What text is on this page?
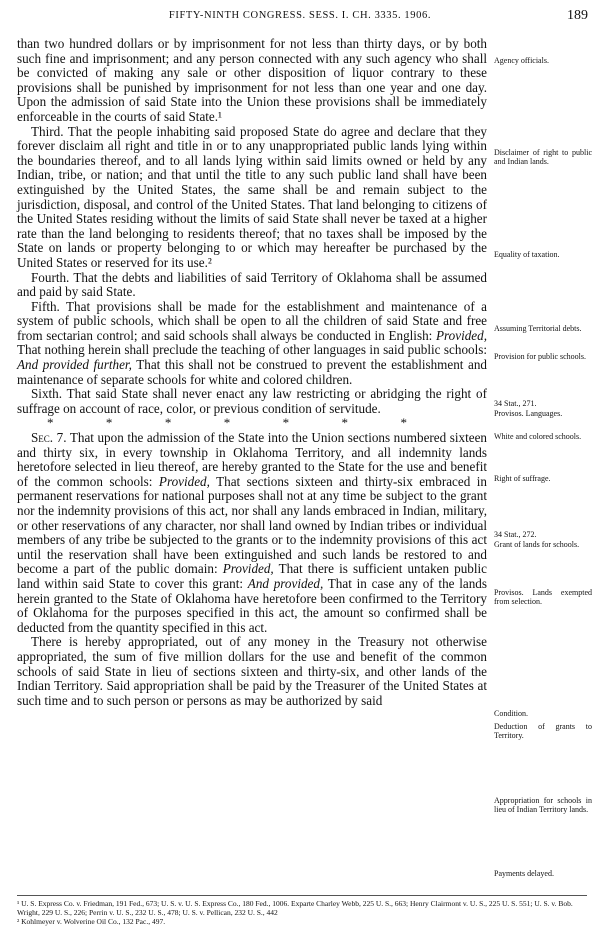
FIFTY-NINTH CONGRESS. SESS. I. CH. 3335. 1906.	189

than two hundred dollars or by imprisonment for not less than thirty days, or by both such fine and imprisonment; and any person connected with any such agency who shall be convicted of making any sale or other disposition of liquor contrary to these provisions shall be punished by imprisonment for not less than one year and one day. Upon the admission of said State into the Union these provisions shall be immediately enforceable in the courts of said State.¹

Third. That the people inhabiting said proposed State do agree and declare that they forever disclaim all right and title in or to any unappropriated public lands lying within the boundaries thereof, and to all lands lying within said limits owned or held by any Indian, tribe, or nation; and that until the title to any such public land shall have been extinguished by the United States, the same shall be and remain subject to the jurisdiction, disposal, and control of the United States. That land belonging to citizens of the United States residing without the limits of said State shall never be taxed at a higher rate than the land belonging to residents thereof; that no taxes shall be imposed by the State on lands or property belonging to or which may hereafter be purchased by the United States or reserved for its use.²

Fourth. That the debts and liabilities of said Territory of Oklahoma shall be assumed and paid by said State.

Fifth. That provisions shall be made for the establishment and maintenance of a system of public schools, which shall be open to all the children of said State and free from sectarian control; and said schools shall always be conducted in English: Provided, That nothing herein shall preclude the teaching of other languages in said public schools: And provided further, That this shall not be construed to prevent the establishment and maintenance of separate schools for white and colored children.

Sixth. That said State shall never enact any law restricting or abridging the right of suffrage on account of race, color, or previous condition of servitude.

*	*	*	*	*	*	*

Sec. 7. That upon the admission of the State into the Union sections numbered sixteen and thirty six, in every township in Oklahoma Territory, and all indemnity lands heretofore selected in lieu thereof, are hereby granted to the State for the use and benefit of the common schools: Provided, That sections sixteen and thirty-six embraced in permanent reservations for national purposes shall not at any time be subject to the grant nor the indemnity provisions of this act, nor shall any lands embraced in Indian, military, or other reservations of any character, nor shall land owned by Indian tribes or individual members of any tribe be subjected to the grants or to the indemnity provisions of this act until the reservation shall have been extinguished and such lands be restored to and become a part of the public domain: Provided, That there is sufficient untaken public land within said State to cover this grant: And provided, That in case any of the lands herein granted to the State of Oklahoma have heretofore been confirmed to the Territory of Oklahoma for the purposes specified in this act, the amount so confirmed shall be deducted from the quantity specified in this act.

There is hereby appropriated, out of any money in the Treasury not otherwise appropriated, the sum of five million dollars for the use and benefit of the common schools of said State in lieu of sections sixteen and thirty-six, and other lands of the Indian Territory. Said appropriation shall be paid by the Treasurer of the United States at such time and to such person or persons as may be authorized by said

Agency officials.
Disclaimer of right to public and Indian lands.
Equality of taxation.
Assuming Territorial debts.
Provision for public schools.
34 Stat., 271.
Provisos. Languages.
White and colored schools.
Right of suffrage.
34 Stat., 272.
Grant of lands for schools.
Provisos. Lands exempted from selection.
Condition.
Deduction of grants to Territory.
Appropriation for schools in lieu of Indian Territory lands.
Payments delayed.

¹ U. S. Express Co. v. Friedman, 191 Fed., 673; U. S. v. U. S. Express Co., 180 Fed., 1006. Exparte Charley Webb, 225 U. S., 663; Henry Clairmont v. U. S., 225 U. S. 551; U. S. v. Bob. Wright, 229 U. S., 226; Perrin v. U. S., 232 U. S., 478; U. S. v. Pellican, 232 U. S., 442

² Kohlmeyer v. Wolverine Oil Co., 132 Pac., 497.
